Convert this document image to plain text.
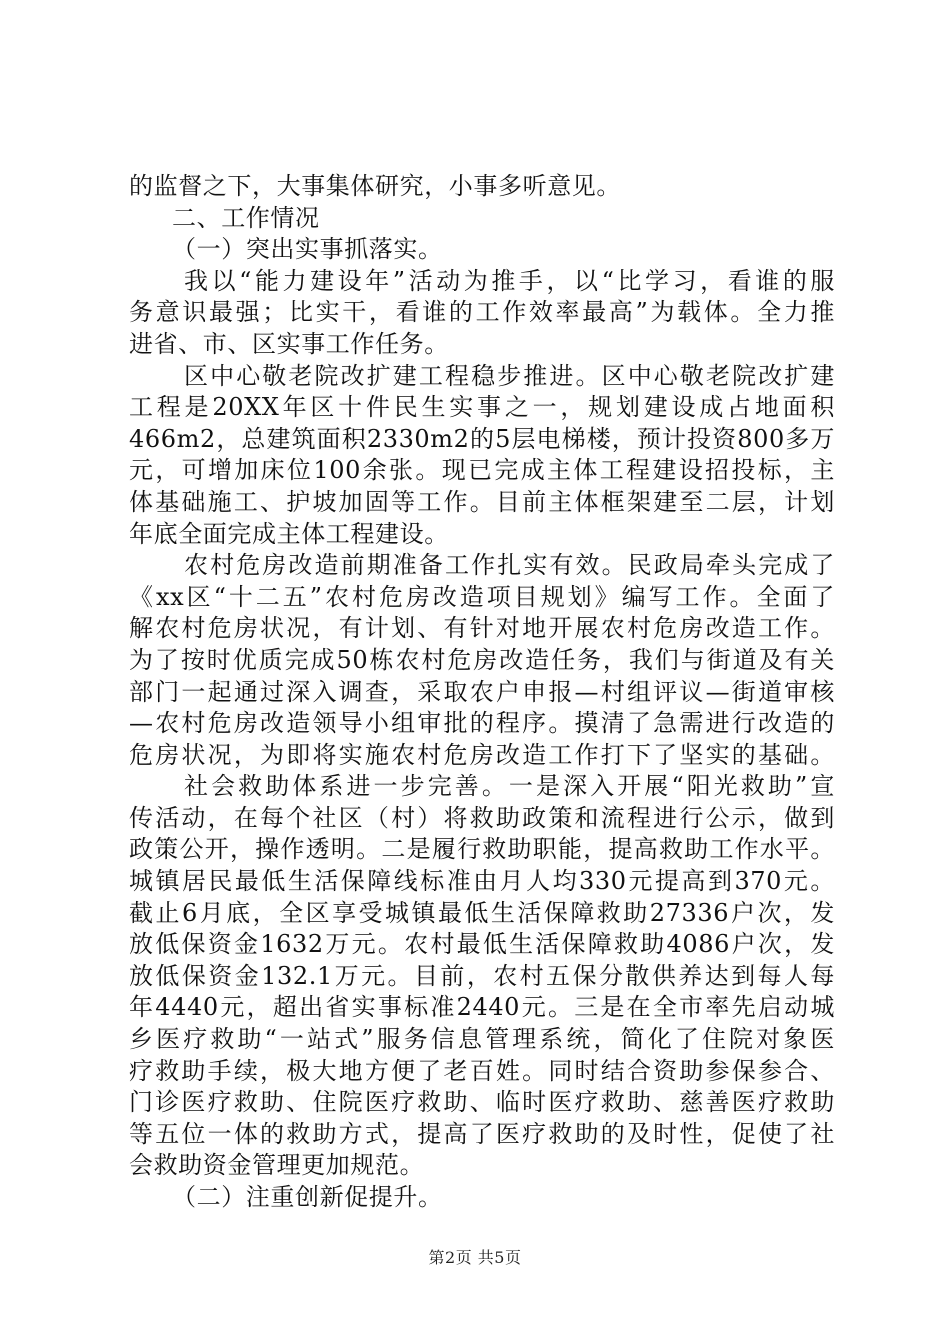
的监督之下，大事集体研究，小事多听意见。
二、工作情况
（一）突出实事抓落实。
我以“能力建设年”活动为推手，以“比学习，看谁的服
务意识最强；比实干，看谁的工作效率最高”为载体。全力推
进省、市、区实事工作任务。
区中心敬老院改扩建工程稳步推进。区中心敬老院改扩建
工程是20XX年区十件民生实事之一，规划建设成占地面积
466m2，总建筑面积2330m2的5层电梯楼，预计投资800多万
元，可增加床位100余张。现已完成主体工程建设招投标，主
体基础施工、护坡加固等工作。目前主体框架建至二层，计划
年底全面完成主体工程建设。
农村危房改造前期准备工作扎实有效。民政局牵头完成了
《xx区“十二五”农村危房改造项目规划》编写工作。全面了
解农村危房状况，有计划、有针对地开展农村危房改造工作。
为了按时优质完成50栋农村危房改造任务，我们与街道及有关
部门一起通过深入调查，采取农户申报—村组评议—街道审核
—农村危房改造领导小组审批的程序。摸清了急需进行改造的
危房状况，为即将实施农村危房改造工作打下了坚实的基础。
社会救助体系进一步完善。一是深入开展“阳光救助”宣
传活动，在每个社区（村）将救助政策和流程进行公示，做到
政策公开，操作透明。二是履行救助职能，提高救助工作水平。
城镇居民最低生活保障线标准由月人均330元提高到370元。
截止6月底，全区享受城镇最低生活保障救助27336户次，发
放低保资金1632万元。农村最低生活保障救助4086户次，发
放低保资金132.1万元。目前，农村五保分散供养达到每人每
年4440元，超出省实事标准2440元。三是在全市率先启动城
乡医疗救助“一站式”服务信息管理系统，简化了住院对象医
疗救助手续，极大地方便了老百姓。同时结合资助参保参合、
门诊医疗救助、住院医疗救助、临时医疗救助、慈善医疗救助
等五位一体的救助方式，提高了医疗救助的及时性，促使了社
会救助资金管理更加规范。
（二）注重创新促提升。
第2页 共5页
